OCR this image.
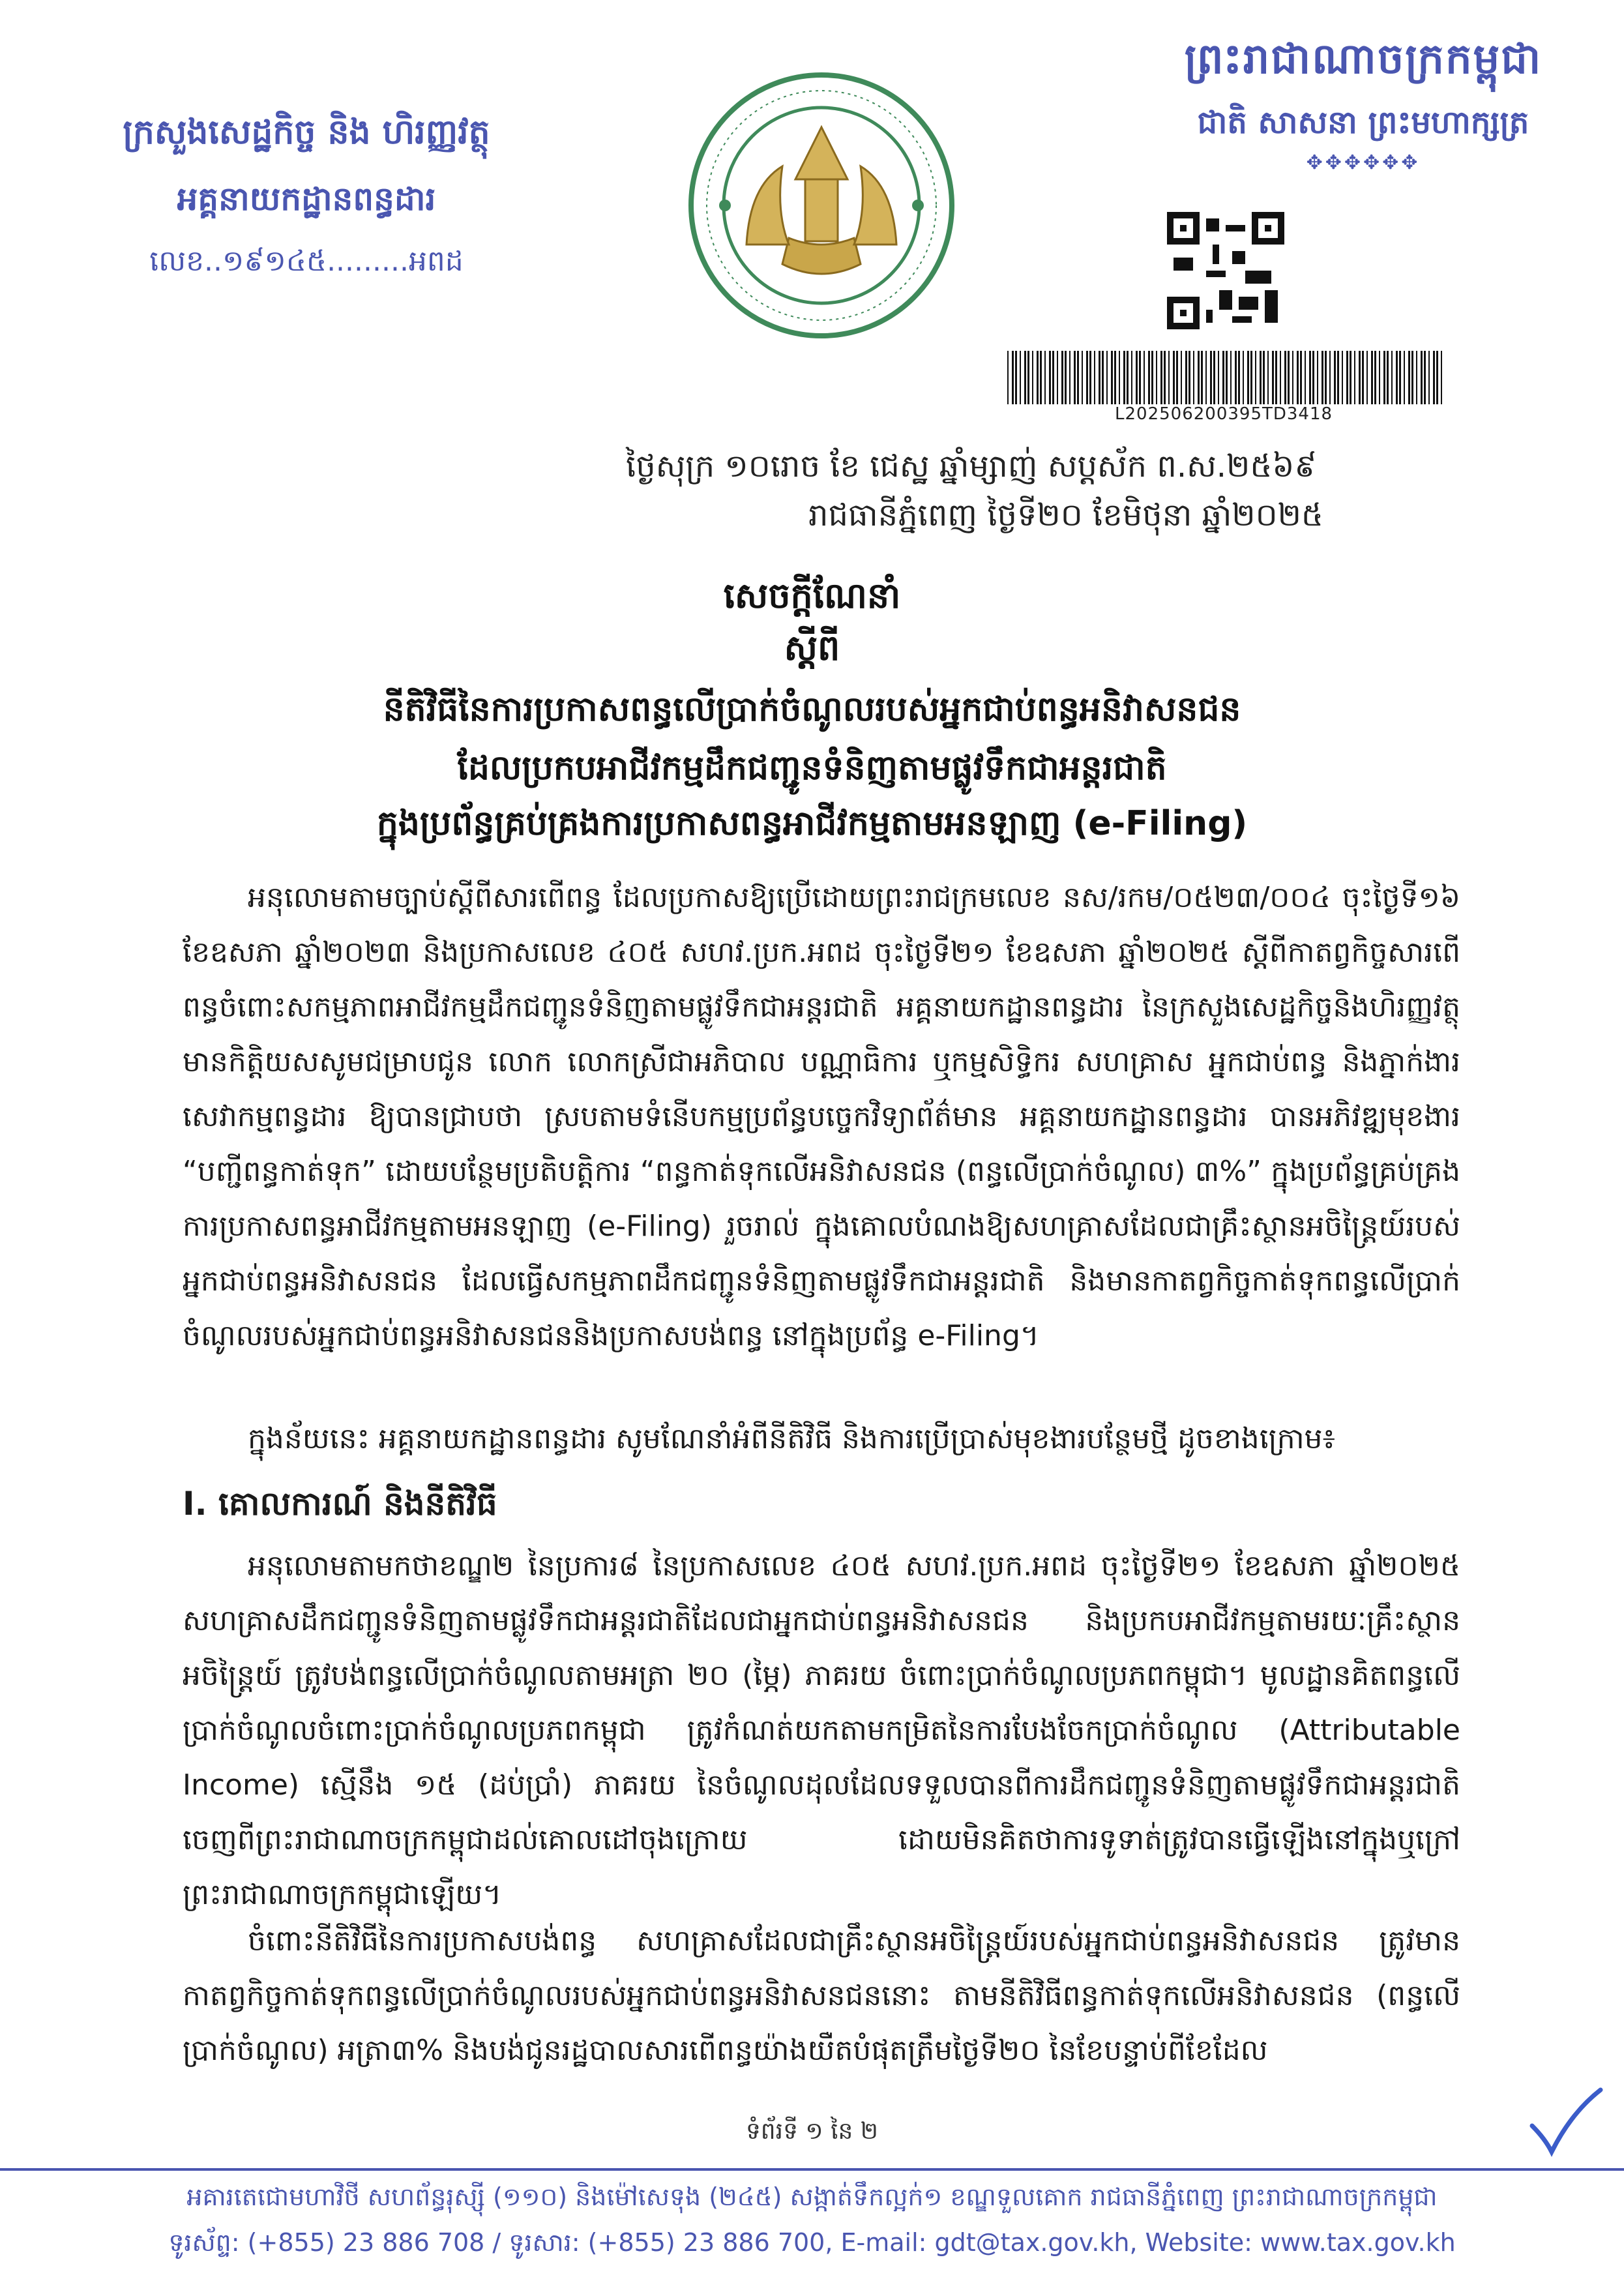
ព្រះរាជាណាចក្រកម្ពុជា
ជាតិ សាសនា ព្រះមហាក្សត្រ
✥✥✥✥✥✥
ក្រសួងសេដ្ឋកិច្ច និង ហិរញ្ញវត្ថុ
អគ្គនាយកដ្ឋានពន្ធដារ
លេខ..១៩១៤៥.........អពដ
L202506200395TD3418
ថ្ងៃសុក្រ ១០រោច ខែ ជេស្ឋ ឆ្នាំម្សាញ់ សប្តស័ក ព.ស.២៥៦៩
រាជធានីភ្នំពេញ ថ្ងៃទី២០ ខែមិថុនា ឆ្នាំ២០២៥
សេចក្តីណែនាំ
ស្តីពី
នីតិវិធីនៃការប្រកាសពន្ធលើប្រាក់ចំណូលរបស់អ្នកជាប់ពន្ធអនិវាសនជន
ដែលប្រកបអាជីវកម្មដឹកជញ្ជូនទំនិញតាមផ្លូវទឹកជាអន្តរជាតិ
ក្នុងប្រព័ន្ធគ្រប់គ្រងការប្រកាសពន្ធអាជីវកម្មតាមអនឡាញ (e-Filing)
អនុលោមតាមច្បាប់ស្តីពីសារពើពន្ធ ដែលប្រកាសឱ្យប្រើដោយព្រះរាជក្រមលេខ នស/រកម/០៥២៣/០០៤ ចុះថ្ងៃទី១៦ ខែឧសភា ឆ្នាំ២០២៣ និងប្រកាសលេខ ៤០៥ សហវ.ប្រក.អពដ ចុះថ្ងៃទី២១ ខែឧសភា ឆ្នាំ២០២៥ ស្តីពីកាតព្វកិច្ចសារពើពន្ធចំពោះសកម្មភាពអាជីវកម្មដឹកជញ្ជូនទំនិញតាមផ្លូវទឹកជាអន្តរជាតិ អគ្គនាយកដ្ឋានពន្ធដារ នៃក្រសួងសេដ្ឋកិច្ចនិងហិរញ្ញវត្ថុ មានកិត្តិយសសូមជម្រាបជូន លោក លោកស្រីជាអភិបាល បណ្ណាធិការ ឬកម្មសិទ្ធិករ សហគ្រាស អ្នកជាប់ពន្ធ និងភ្នាក់ងារសេវាកម្មពន្ធដារ ឱ្យបានជ្រាបថា ស្របតាមទំនើបកម្មប្រព័ន្ធបច្ចេកវិទ្យាព័ត៌មាន អគ្គនាយកដ្ឋានពន្ធដារ បានអភិវឌ្ឍមុខងារ “បញ្ជីពន្ធកាត់ទុក” ដោយបន្ថែមប្រតិបត្តិការ “ពន្ធកាត់ទុកលើអនិវាសនជន (ពន្ធលើប្រាក់ចំណូល) ៣%” ក្នុងប្រព័ន្ធគ្រប់គ្រងការប្រកាសពន្ធអាជីវកម្មតាមអនឡាញ (e-Filing) រួចរាល់ ក្នុងគោលបំណងឱ្យសហគ្រាសដែលជាគ្រឹះស្ថានអចិន្ត្រៃយ៍របស់អ្នកជាប់ពន្ធអនិវាសនជន ដែលធ្វើសកម្មភាពដឹកជញ្ជូនទំនិញតាមផ្លូវទឹកជាអន្តរជាតិ និងមានកាតព្វកិច្ចកាត់ទុកពន្ធលើប្រាក់ចំណូលរបស់អ្នកជាប់ពន្ធអនិវាសនជននិងប្រកាសបង់ពន្ធ នៅក្នុងប្រព័ន្ធ e-Filing។
ក្នុងន័យនេះ អគ្គនាយកដ្ឋានពន្ធដារ សូមណែនាំអំពីនីតិវិធី និងការប្រើប្រាស់មុខងារបន្ថែមថ្មី ដូចខាងក្រោម៖
I. គោលការណ៍ និងនីតិវិធី
អនុលោមតាមកថាខណ្ឌ២ នៃប្រការ៨ នៃប្រកាសលេខ ៤០៥ សហវ.ប្រក.អពដ ចុះថ្ងៃទី២១ ខែឧសភា ឆ្នាំ២០២៥ សហគ្រាសដឹកជញ្ជូនទំនិញតាមផ្លូវទឹកជាអន្តរជាតិដែលជាអ្នកជាប់ពន្ធអនិវាសនជន និងប្រកបអាជីវកម្មតាមរយៈគ្រឹះស្ថានអចិន្ត្រៃយ៍ ត្រូវបង់ពន្ធលើប្រាក់ចំណូលតាមអត្រា ២០ (ម្ភៃ) ភាគរយ ចំពោះប្រាក់ចំណូលប្រភពកម្ពុជា។ មូលដ្ឋានគិតពន្ធលើប្រាក់ចំណូលចំពោះប្រាក់ចំណូលប្រភពកម្ពុជា ត្រូវកំណត់យកតាមកម្រិតនៃការបែងចែកប្រាក់ចំណូល (Attributable Income) ស្មើនឹង ១៥ (ដប់ប្រាំ) ភាគរយ នៃចំណូលដុលដែលទទួលបានពីការដឹកជញ្ជូនទំនិញតាមផ្លូវទឹកជាអន្តរជាតិ ចេញពីព្រះរាជាណាចក្រកម្ពុជាដល់គោលដៅចុងក្រោយ ដោយមិនគិតថាការទូទាត់ត្រូវបានធ្វើឡើងនៅក្នុងឬក្រៅព្រះរាជាណាចក្រកម្ពុជាឡើយ។
ចំពោះនីតិវិធីនៃការប្រកាសបង់ពន្ធ សហគ្រាសដែលជាគ្រឹះស្ថានអចិន្ត្រៃយ៍របស់អ្នកជាប់ពន្ធអនិវាសនជន ត្រូវមានកាតព្វកិច្ចកាត់ទុកពន្ធលើប្រាក់ចំណូលរបស់អ្នកជាប់ពន្ធអនិវាសនជននោះ តាមនីតិវិធីពន្ធកាត់ទុកលើអនិវាសនជន (ពន្ធលើប្រាក់ចំណូល) អត្រា៣% និងបង់ជូនរដ្ឋបាលសារពើពន្ធយ៉ាងយឺតបំផុតត្រឹមថ្ងៃទី២០ នៃខែបន្ទាប់ពីខែដែល
ទំព័រទី ១ នៃ ២
អគារតេជោមហាវិថី សហព័ន្ធរុស្ស៊ី (១១០) និងម៉ៅសេទុង (២៤៥) សង្កាត់ទឹកល្អក់១ ខណ្ឌទួលគោក រាជធានីភ្នំពេញ ព្រះរាជាណាចក្រកម្ពុជា
ទូរស័ព្ទ: (+855) 23 886 708 / ទូរសារ: (+855) 23 886 700, E-mail: gdt@tax.gov.kh, Website: www.tax.gov.kh
